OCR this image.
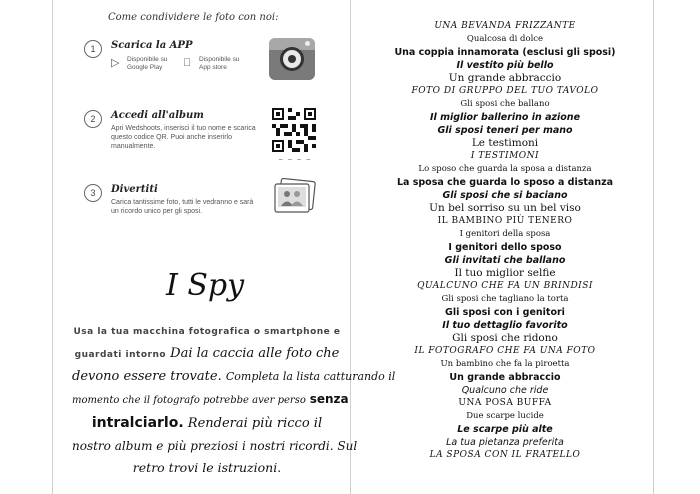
Come condividere le foto con noi:
1	Scarica la APP
▷ Disponibile su Google Play
Disponibile su App store
2	Accedi all'album
Apri Wedshoots, inserisci il tuo nome e scarica questo codice QR. Puoi anche inserirlo manualmente.
— — — —
3	Divertiti
Carica tantissime foto, tutti le vedranno e sarà un ricordo unico per gli sposi.
I Spy
Usa la tua macchina fotografica o smartphone e
guardati intorno Dai la caccia alle foto che
devono essere trovate. Completa la lista catturando il
momento che il fotografo potrebbe aver perso senza
intralciarlo. Renderai più ricco il
nostro album e più preziosi i nostri ricordi. Sul
retro trovi le istruzioni.
UNA BEVANDA FRIZZANTE
Qualcosa di dolce
Una coppia innamorata (esclusi gli sposi)
Il vestito più bello
Un grande abbraccio
FOTO DI GRUPPO DEL TUO TAVOLO
Gli sposi che ballano
Il miglior ballerino in azione
Gli sposi teneri per mano
Le testimoni
I TESTIMONI
Lo sposo che guarda la sposa a distanza
La sposa che guarda lo sposo a distanza
Gli sposi che si baciano
Un bel sorriso su un bel viso
IL BAMBINO PIÙ TENERO
I genitori della sposa
I genitori dello sposo
Gli invitati che ballano
Il tuo miglior selfie
QUALCUNO CHE FA UN BRINDISI
Gli sposi che tagliano la torta
Gli sposi con i genitori
Il tuo dettaglio favorito
Gli sposi che ridono
IL FOTOGRAFO CHE FA UNA FOTO
Un bambino che fa la piroetta
Un grande abbraccio
Qualcuno che ride
UNA POSA BUFFA
Due scarpe lucide
Le scarpe più alte
La tua pietanza preferita
LA SPOSA CON IL FRATELLO
